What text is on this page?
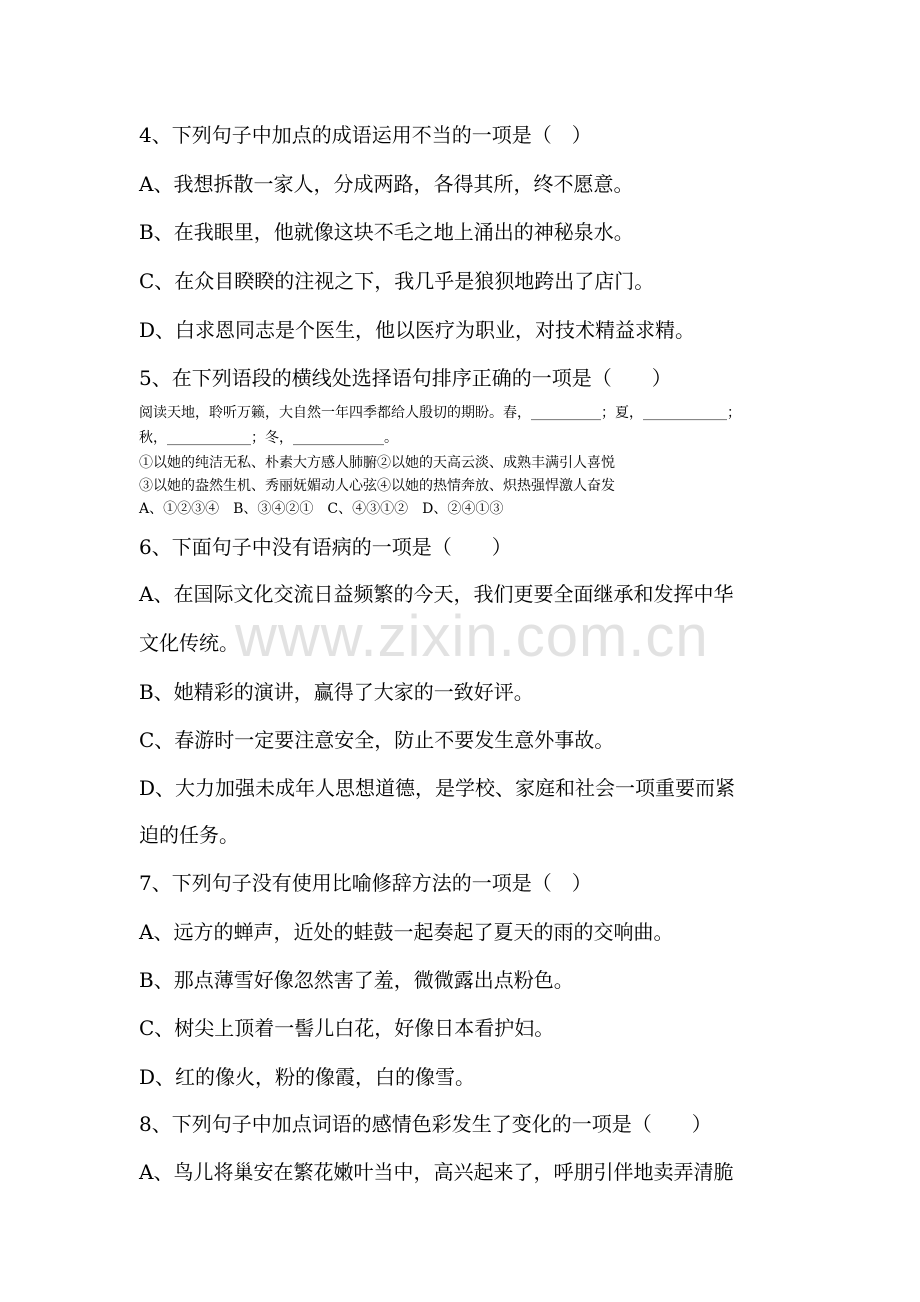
www.zixin.com.cn
4、下列句子中加点的成语运用不当的一项是（　）
A、我想拆散一家人，分成两路，各得其所，终不愿意。
B、在我眼里，他就像这块不毛之地上涌出的神秘泉水。
C、在众目睽睽的注视之下，我几乎是狼狈地跨出了店门。
D、白求恩同志是个医生，他以医疗为职业，对技术精益求精。
5、在下列语段的横线处选择语句排序正确的一项是（　　）
阅读天地，聆听万籁，大自然一年四季都给人殷切的期盼。春，__________；夏，____________；
秋，____________；冬，_____________。
①以她的纯洁无私、朴素大方感人肺腑②以她的天高云淡、成熟丰满引人喜悦
③以她的盎然生机、秀丽妩媚动人心弦④以她的热情奔放、炽热强悍激人奋发
A、①②③④　B、③④②①　C、④③①②　D、②④①③
6、下面句子中没有语病的一项是（　　）
A、在国际文化交流日益频繁的今天，我们更要全面继承和发挥中华
文化传统。
B、她精彩的演讲，赢得了大家的一致好评。
C、春游时一定要注意安全，防止不要发生意外事故。
D、大力加强未成年人思想道德，是学校、家庭和社会一项重要而紧
迫的任务。
7、下列句子没有使用比喻修辞方法的一项是（　）
A、远方的蝉声，近处的蛙鼓一起奏起了夏天的雨的交响曲。
B、那点薄雪好像忽然害了羞，微微露出点粉色。
C、树尖上顶着一髻儿白花，好像日本看护妇。
D、红的像火，粉的像霞，白的像雪。
8、下列句子中加点词语的感情色彩发生了变化的一项是（　　）
A、鸟儿将巢安在繁花嫩叶当中，高兴起来了，呼朋引伴地卖弄清脆
